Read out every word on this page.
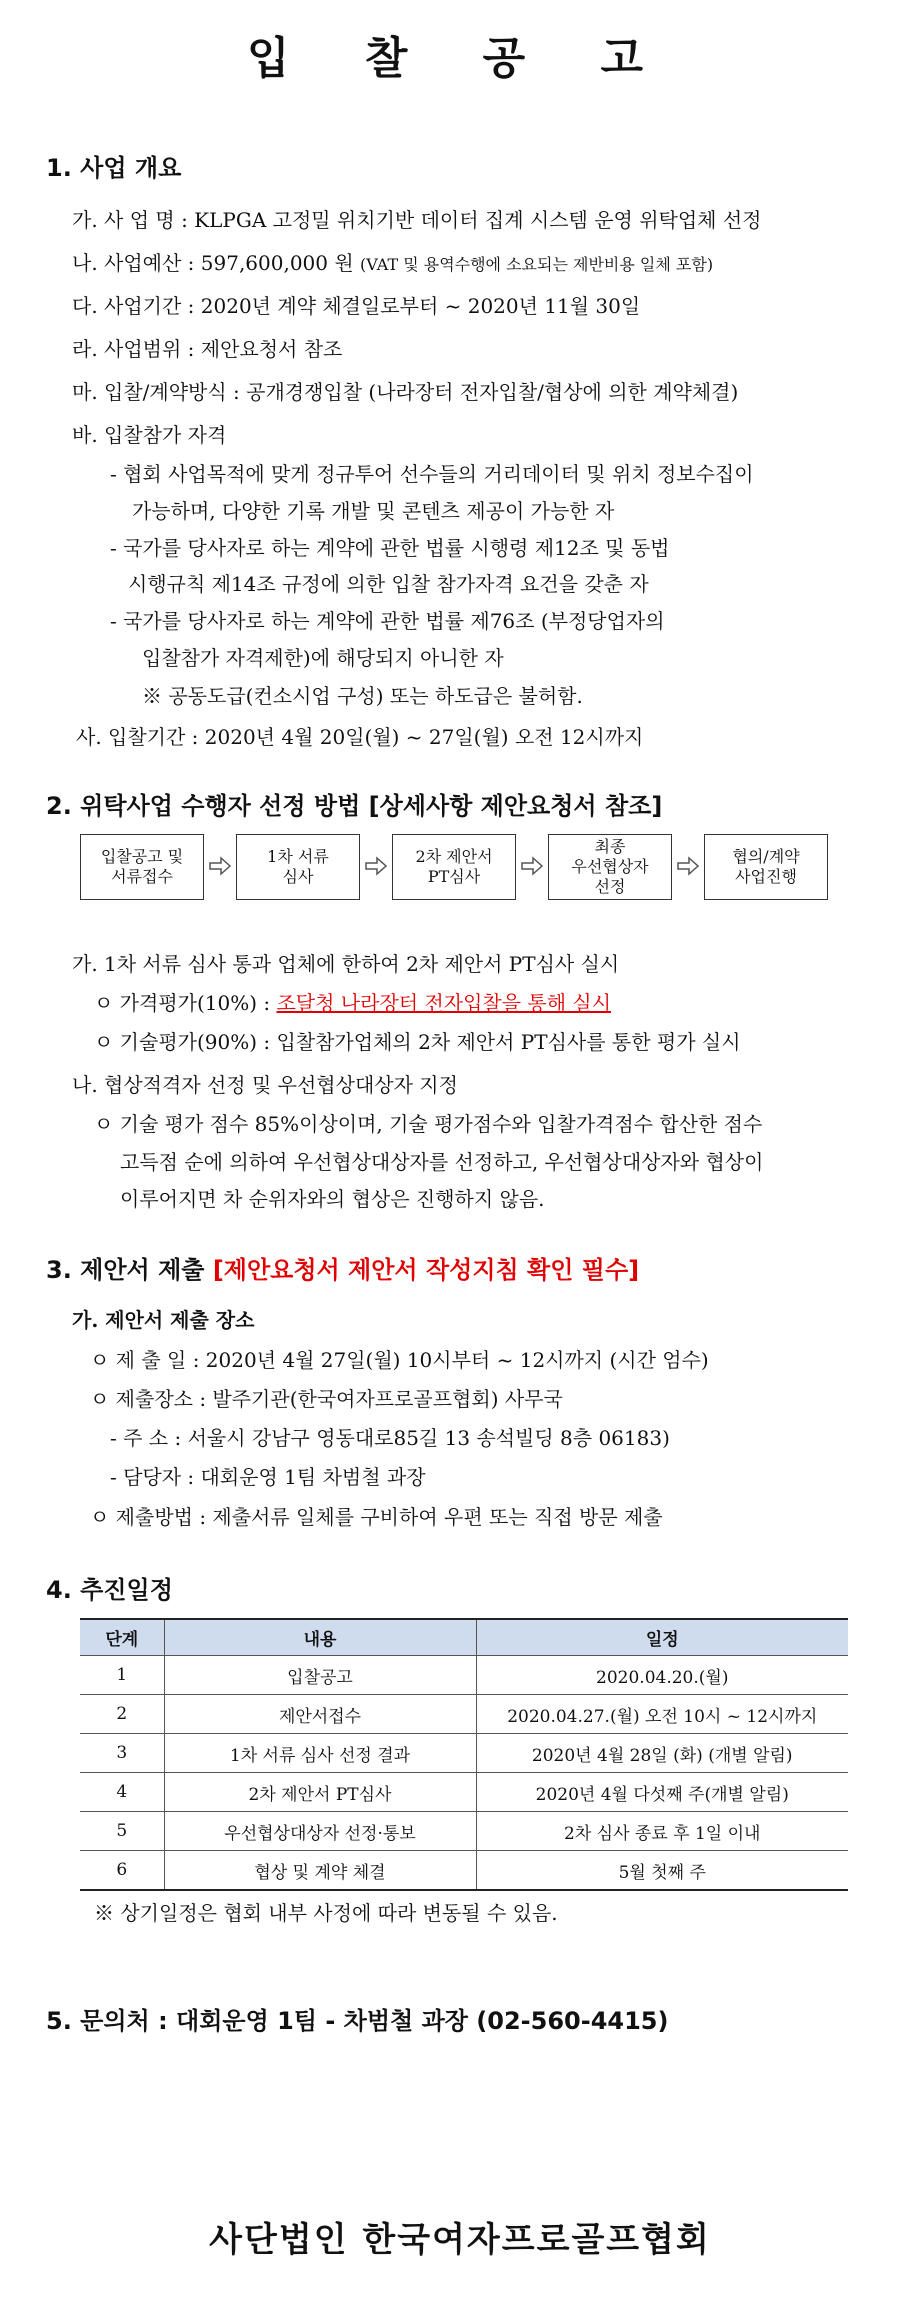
입 찰 공 고
1. 사업 개요
가. 사 업 명 : KLPGA 고정밀 위치기반 데이터 집계 시스템 운영 위탁업체 선정
나. 사업예산 : 597,600,000 원 (VAT 및 용역수행에 소요되는 제반비용 일체 포함)
다. 사업기간 : 2020년 계약 체결일로부터 ~ 2020년 11월 30일
라. 사업범위 : 제안요청서 참조
마. 입찰/계약방식 : 공개경쟁입찰 (나라장터 전자입찰/협상에 의한 계약체결)
바. 입찰참가 자격
- 협회 사업목적에 맞게 정규투어 선수들의 거리데이터 및 위치 정보수집이
가능하며, 다양한 기록 개발 및 콘텐츠 제공이 가능한 자
- 국가를 당사자로 하는 계약에 관한 법률 시행령 제12조 및 동법
시행규칙 제14조 규정에 의한 입찰 참가자격 요건을 갖춘 자
- 국가를 당사자로 하는 계약에 관한 법률 제76조 (부정당업자의
입찰참가 자격제한)에 해당되지 아니한 자
※ 공동도급(컨소시업 구성) 또는 하도급은 불허함.
사. 입찰기간 : 2020년 4월 20일(월) ~ 27일(월) 오전 12시까지
2. 위탁사업 수행자 선정 방법 [상세사항 제안요청서 참조]
입찰공고 및
서류접수
1차 서류
심사
2차 제안서
PT심사
최종
우선협상자
선정
협의/계약
사업진행
가. 1차 서류 심사 통과 업체에 한하여 2차 제안서 PT심사 실시
ㅇ 가격평가(10%) : 조달청 나라장터 전자입찰을 통해 실시
ㅇ 기술평가(90%) : 입찰참가업체의 2차 제안서 PT심사를 통한 평가 실시
나. 협상적격자 선정 및 우선협상대상자 지정
ㅇ 기술 평가 점수 85%이상이며, 기술 평가점수와 입찰가격점수 합산한 점수
고득점 순에 의하여 우선협상대상자를 선정하고, 우선협상대상자와 협상이
이루어지면 차 순위자와의 협상은 진행하지 않음.
3. 제안서 제출 [제안요청서 제안서 작성지침 확인 필수]
가. 제안서 제출 장소
ㅇ 제 출 일 : 2020년 4월 27일(월) 10시부터 ~ 12시까지 (시간 엄수)
ㅇ 제출장소 : 발주기관(한국여자프로골프협회) 사무국
- 주 소 : 서울시 강남구 영동대로85길 13 송석빌딩 8층 06183)
- 담당자 : 대회운영 1팀 차범철 과장
ㅇ 제출방법 : 제출서류 일체를 구비하여 우편 또는 직접 방문 제출
4. 추진일정
단계	내용	일정
1	입찰공고	2020.04.20.(월)
2	제안서접수	2020.04.27.(월) 오전 10시 ~ 12시까지
3	1차 서류 심사 선정 결과	2020년 4월 28일 (화) (개별 알림)
4	2차 제안서 PT심사	2020년 4월 다섯째 주(개별 알림)
5	우선협상대상자 선정·통보	2차 심사 종료 후 1일 이내
6	협상 및 계약 체결	5월 첫째 주
※ 상기일정은 협회 내부 사정에 따라 변동될 수 있음.
5. 문의처 : 대회운영 1팀 - 차범철 과장 (02-560-4415)
사단법인 한국여자프로골프협회
